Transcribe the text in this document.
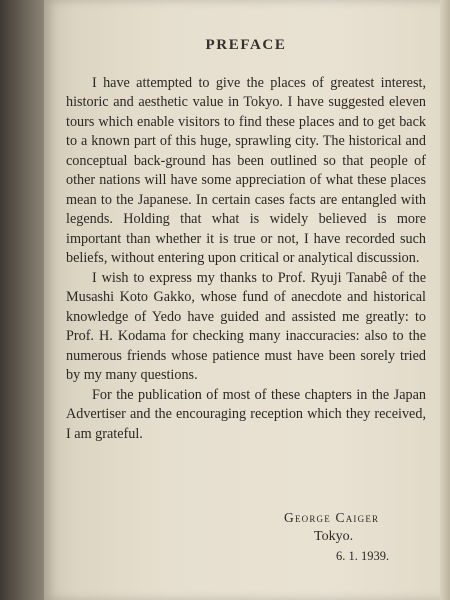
PREFACE

I have attempted to give the places of greatest interest, historic and aesthetic value in Tokyo. I have suggested eleven tours which enable visitors to find these places and to get back to a known part of this huge, sprawling city. The historical and conceptual back-ground has been outlined so that people of other nations will have some appreciation of what these places mean to the Japanese. In certain cases facts are entangled with legends. Holding that what is widely believed is more important than whether it is true or not, I have recorded such beliefs, without entering upon critical or analytical discussion.

I wish to express my thanks to Prof. Ryuji Tanabê of the Musashi Koto Gakko, whose fund of anecdote and historical knowledge of Yedo have guided and assisted me greatly: to Prof. H. Kodama for checking many inaccuracies: also to the numerous friends whose patience must have been sorely tried by my many questions.

For the publication of most of these chapters in the Japan Advertiser and the encouraging reception which they received, I am grateful.

George Caiger
Tokyo.
6. 1. 1939.
